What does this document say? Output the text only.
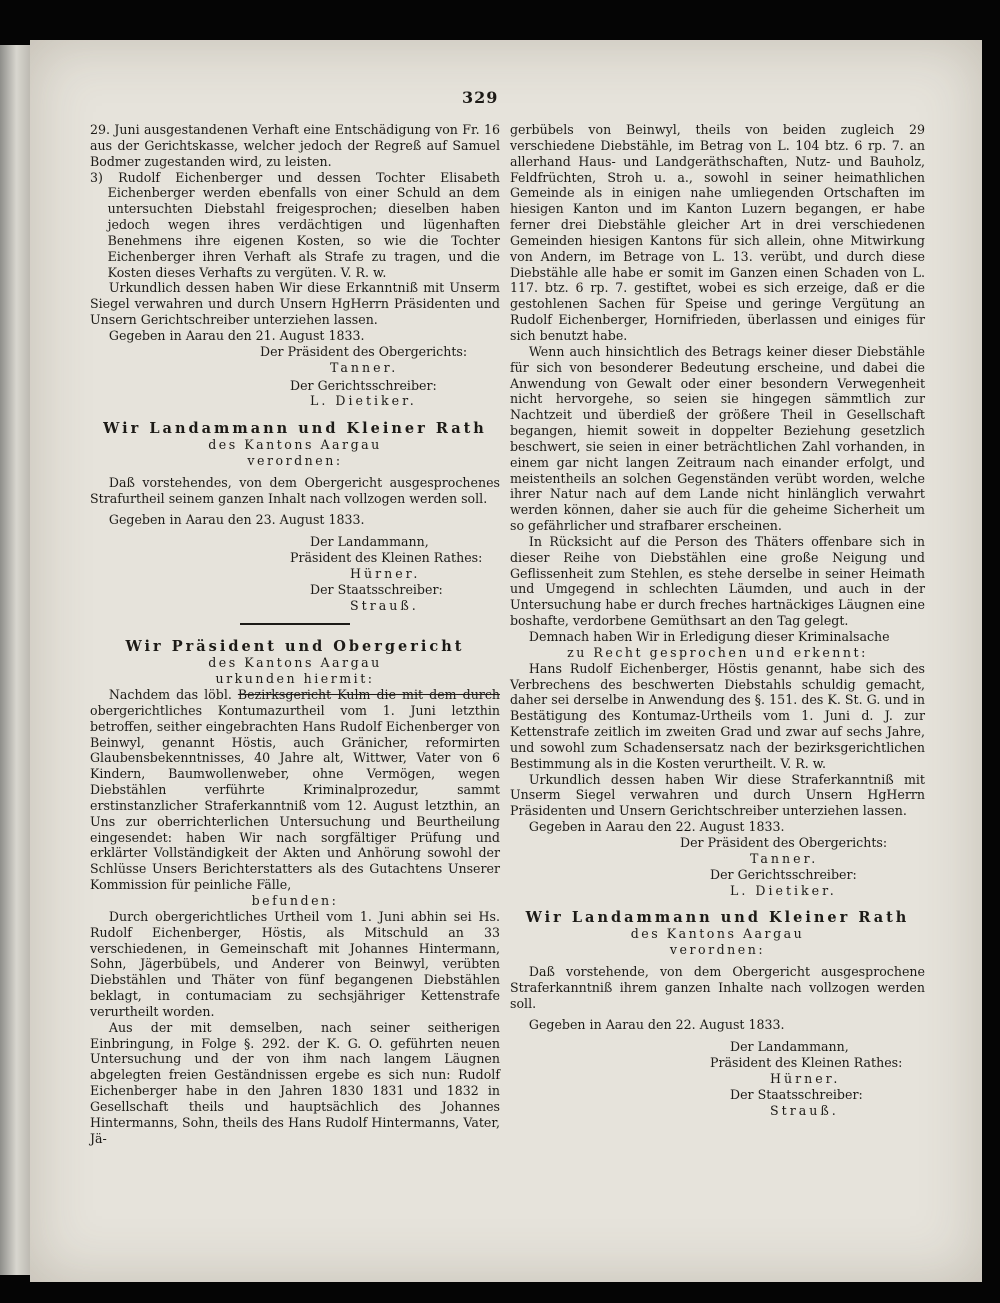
329

29. Juni ausgestandenen Verhaft eine Entschädigung von Fr. 16 aus der Gerichtskasse, welcher jedoch der Regreß auf Samuel Bodmer zugestanden wird, zu leisten.

3) Rudolf Eichenberger und dessen Tochter Elisabeth Eichenberger werden ebenfalls von einer Schuld an dem untersuchten Diebstahl freigesprochen; dieselben haben jedoch wegen ihres verdächtigen und lügenhaften Benehmens ihre eigenen Kosten, so wie die Tochter Eichenberger ihren Verhaft als Strafe zu tragen, und die Kosten dieses Verhafts zu vergüten. V. R. w.

Urkundlich dessen haben Wir diese Erkanntniß mit Unserm Siegel verwahren und durch Unsern HgHerrn Präsidenten und Unsern Gerichtschreiber unterziehen lassen.

Gegeben in Aarau den 21. August 1833.

Der Präsident des Obergerichts:

Tanner.

Der Gerichtsschreiber:

L. Dietiker.

Wir Landammann und Kleiner Rath

des Kantons Aargau

verordnen:

Daß vorstehendes, von dem Obergericht ausgesprochenes Strafurtheil seinem ganzen Inhalt nach vollzogen werden soll.

Gegeben in Aarau den 23. August 1833.

Der Landammann,

Präsident des Kleinen Rathes:

Hürner.

Der Staatsschreiber:

Strauß.

Wir Präsident und Obergericht

des Kantons Aargau

urkunden hiermit:

Nachdem das löbl. Bezirksgericht Kulm die mit dem durch obergerichtliches Kontumazurtheil vom 1. Juni letzthin betroffen, seither eingebrachten Hans Rudolf Eichenberger von Beinwyl, genannt Höstis, auch Gränicher, reformirten Glaubensbekenntnisses, 40 Jahre alt, Wittwer, Vater von 6 Kindern, Baumwollenweber, ohne Vermögen, wegen Diebstählen verführte Kriminalprozedur, sammt erstinstanzlicher Straferkanntniß vom 12. August letzthin, an Uns zur oberrichterlichen Untersuchung und Beurtheilung eingesendet: haben Wir nach sorgfältiger Prüfung und erklärter Vollständigkeit der Akten und Anhörung sowohl der Schlüsse Unsers Berichterstatters als des Gutachtens Unserer Kommission für peinliche Fälle,

befunden:

Durch obergerichtliches Urtheil vom 1. Juni abhin sei Hs. Rudolf Eichenberger, Höstis, als Mitschuld an 33 verschiedenen, in Gemeinschaft mit Johannes Hintermann, Sohn, Jägerbübels, und Anderer von Beinwyl, verübten Diebstählen und Thäter von fünf begangenen Diebstählen beklagt, in contumaciam zu sechsjähriger Kettenstrafe verurtheilt worden.

Aus der mit demselben, nach seiner seitherigen Einbringung, in Folge §. 292. der K. G. O. geführten neuen Untersuchung und der von ihm nach langem Läugnen abgelegten freien Geständnissen ergebe es sich nun: Rudolf Eichenberger habe in den Jahren 1830 1831 und 1832 in Gesellschaft theils und hauptsächlich des Johannes Hintermanns, Sohn, theils des Hans Rudolf Hintermanns, Vater, Jä-

gerbübels von Beinwyl, theils von beiden zugleich 29 verschiedene Diebstähle, im Betrag von L. 104 btz. 6 rp. 7. an allerhand Haus- und Landgeräthschaften, Nutz- und Bauholz, Feldfrüchten, Stroh u. a., sowohl in seiner heimathlichen Gemeinde als in einigen nahe umliegenden Ortschaften im hiesigen Kanton und im Kanton Luzern begangen, er habe ferner drei Diebstähle gleicher Art in drei verschiedenen Gemeinden hiesigen Kantons für sich allein, ohne Mitwirkung von Andern, im Betrage von L. 13. verübt, und durch diese Diebstähle alle habe er somit im Ganzen einen Schaden von L. 117. btz. 6 rp. 7. gestiftet, wobei es sich erzeige, daß er die gestohlenen Sachen für Speise und geringe Vergütung an Rudolf Eichenberger, Hornifrieden, überlassen und einiges für sich benutzt habe.

Wenn auch hinsichtlich des Betrags keiner dieser Diebstähle für sich von besonderer Bedeutung erscheine, und dabei die Anwendung von Gewalt oder einer besondern Verwegenheit nicht hervorgehe, so seien sie hingegen sämmtlich zur Nachtzeit und überdieß der größere Theil in Gesellschaft begangen, hiemit soweit in doppelter Beziehung gesetzlich beschwert, sie seien in einer beträchtlichen Zahl vorhanden, in einem gar nicht langen Zeitraum nach einander erfolgt, und meistentheils an solchen Gegenständen verübt worden, welche ihrer Natur nach auf dem Lande nicht hinlänglich verwahrt werden können, daher sie auch für die geheime Sicherheit um so gefährlicher und strafbarer erscheinen.

In Rücksicht auf die Person des Thäters offenbare sich in dieser Reihe von Diebstählen eine große Neigung und Geflissenheit zum Stehlen, es stehe derselbe in seiner Heimath und Umgegend in schlechten Läumden, und auch in der Untersuchung habe er durch freches hartnäckiges Läugnen eine boshafte, verdorbene Gemüthsart an den Tag gelegt.

Demnach haben Wir in Erledigung dieser Kriminalsache

zu Recht gesprochen und erkennt:

Hans Rudolf Eichenberger, Höstis genannt, habe sich des Verbrechens des beschwerten Diebstahls schuldig gemacht, daher sei derselbe in Anwendung des §. 151. des K. St. G. und in Bestätigung des Kontumaz-Urtheils vom 1. Juni d. J. zur Kettenstrafe zeitlich im zweiten Grad und zwar auf sechs Jahre, und sowohl zum Schadensersatz nach der bezirksgerichtlichen Bestimmung als in die Kosten verurtheilt. V. R. w.

Urkundlich dessen haben Wir diese Straferkanntniß mit Unserm Siegel verwahren und durch Unsern HgHerrn Präsidenten und Unsern Gerichtschreiber unterziehen lassen.

Gegeben in Aarau den 22. August 1833.

Der Präsident des Obergerichts:

Tanner.

Der Gerichtsschreiber:

L. Dietiker.

Wir Landammann und Kleiner Rath

des Kantons Aargau

verordnen:

Daß vorstehende, von dem Obergericht ausgesprochene Straferkanntniß ihrem ganzen Inhalte nach vollzogen werden soll.

Gegeben in Aarau den 22. August 1833.

Der Landammann,

Präsident des Kleinen Rathes:

Hürner.

Der Staatsschreiber:

Strauß.
